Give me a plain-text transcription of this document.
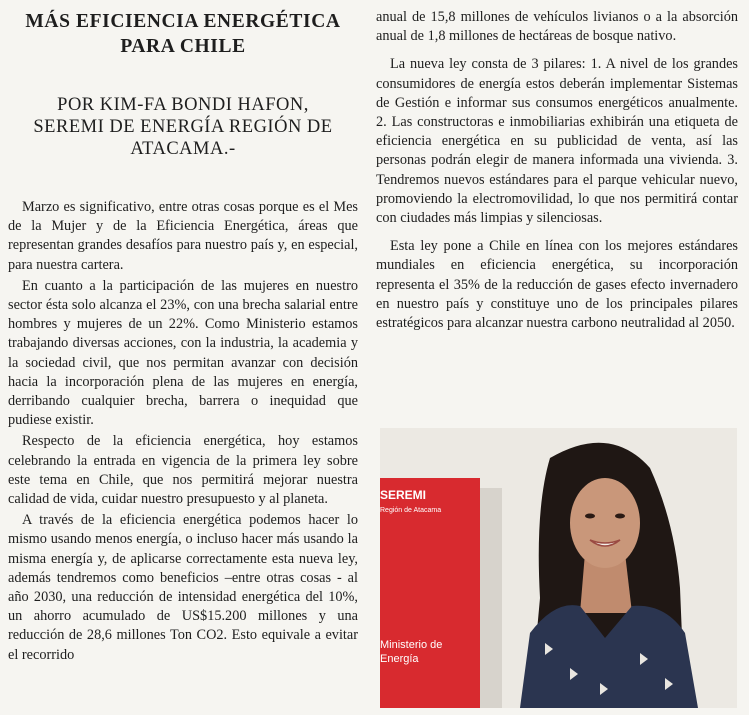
MÁS EFICIENCIA ENERGÉTICA
PARA CHILE
POR KIM-FA BONDI HAFON,
SEREMI DE ENERGÍA REGIÓN DE
ATACAMA.-

Marzo es significativo, entre otras cosas porque es el Mes de la Mujer y de la Eficiencia Energética, áreas que representan grandes desafíos para nuestro país y, en especial, para nuestra cartera.

En cuanto a la participación de las mujeres en nuestro sector ésta solo alcanza el 23%, con una brecha salarial entre hombres y mujeres de un 22%. Como Ministerio estamos trabajando diversas acciones, con la industria, la academia y la sociedad civil, que nos permitan avanzar con decisión hacia la incorporación plena de las mujeres en energía, derribando cualquier brecha, barrera o inequidad que pudiese existir.

Respecto de la eficiencia energética, hoy estamos celebrando la entrada en vigencia de la primera ley sobre este tema en Chile, que nos permitirá mejorar nuestra calidad de vida, cuidar nuestro presupuesto y al planeta.

A través de la eficiencia energética podemos hacer lo mismo usando menos energía, o incluso hacer más usando la misma energía y, de aplicarse correctamente esta nueva ley, además tendremos como beneficios –entre otras cosas - al año 2030, una reducción de intensidad energética del 10%, un ahorro acumulado de US$15.200 millones y una reducción de 28,6 millones Ton CO2. Esto equivale a evitar el recorrido

anual de 15,8 millones de vehículos livianos o a la absorción anual de 1,8 millones de hectáreas de bosque nativo.

La nueva ley consta de 3 pilares: 1. A nivel de los grandes consumidores de energía estos deberán implementar Sistemas de Gestión e informar sus consumos energéticos anualmente. 2. Las constructoras e inmobiliarias exhibirán una etiqueta de eficiencia energética en su publicidad de venta, así las personas podrán elegir de manera informada una vivienda. 3. Tendremos nuevos estándares para el parque vehicular nuevo, promoviendo la electromovilidad, lo que nos permitirá contar con ciudades más limpias y silenciosas.

Esta ley pone a Chile en línea con los mejores estándares mundiales en eficiencia energética, su incorporación representa el 35% de la reducción de gases efecto invernadero en nuestro país y constituye uno de los principales pilares estratégicos para alcanzar nuestra carbono neutralidad al 2050.

SEREMI
Región de Atacama
Ministerio de
Energía
